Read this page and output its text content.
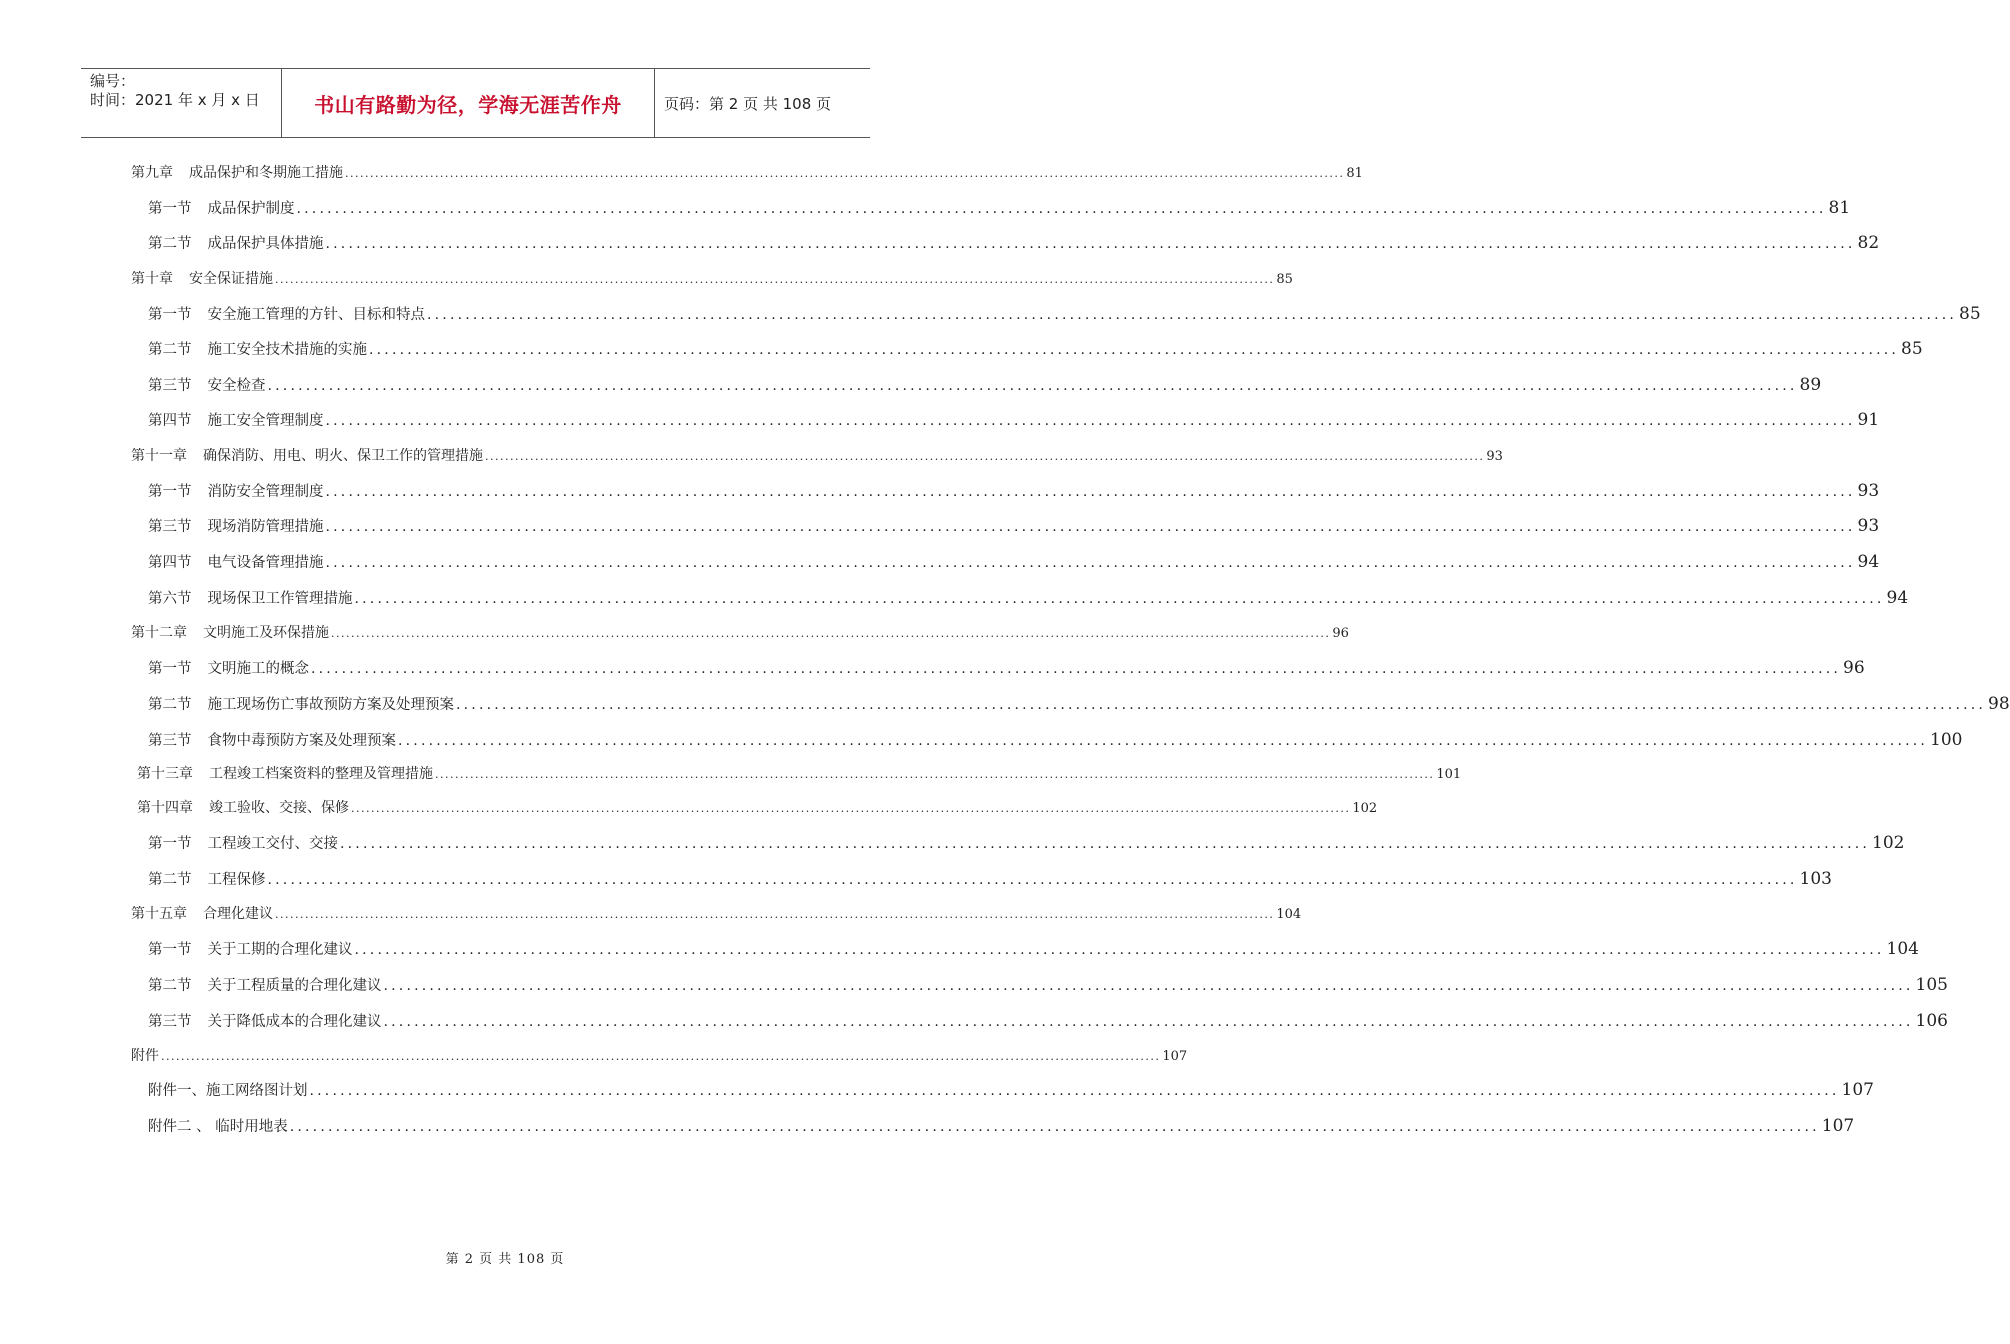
编号：
时间：2021 年 x 月 x 日	书山有路勤为径，学海无涯苦作舟	页码：第 2 页 共 108 页
第九章 成品保护和冬期施工措施 ........................................................................................................................................................................................................ 81
第一节 成品保护制度 ........................................................................................................................................................................................................ 81
第二节 成品保护具体措施 ........................................................................................................................................................................................................ 82
第十章 安全保证措施 ........................................................................................................................................................................................................ 85
第一节 安全施工管理的方针、目标和特点 ........................................................................................................................................................................................................ 85
第二节 施工安全技术措施的实施 ........................................................................................................................................................................................................ 85
第三节 安全检查 ........................................................................................................................................................................................................ 89
第四节 施工安全管理制度 ........................................................................................................................................................................................................ 91
第十一章 确保消防、用电、明火、保卫工作的管理措施 ........................................................................................................................................................................................................ 93
第一节 消防安全管理制度 ........................................................................................................................................................................................................ 93
第三节 现场消防管理措施 ........................................................................................................................................................................................................ 93
第四节 电气设备管理措施 ........................................................................................................................................................................................................ 94
第六节 现场保卫工作管理措施 ........................................................................................................................................................................................................ 94
第十二章 文明施工及环保措施 ........................................................................................................................................................................................................ 96
第一节 文明施工的概念 ........................................................................................................................................................................................................ 96
第二节 施工现场伤亡事故预防方案及处理预案 ........................................................................................................................................................................................................ 98
第三节 食物中毒预防方案及处理预案 ........................................................................................................................................................................................................ 100
第十三章 工程竣工档案资料的整理及管理措施 ........................................................................................................................................................................................................ 101
第十四章 竣工验收、交接、保修 ........................................................................................................................................................................................................ 102
第一节 工程竣工交付、交接 ........................................................................................................................................................................................................ 102
第二节 工程保修 ........................................................................................................................................................................................................ 103
第十五章 合理化建议 ........................................................................................................................................................................................................ 104
第一节 关于工期的合理化建议 ........................................................................................................................................................................................................ 104
第二节 关于工程质量的合理化建议 ........................................................................................................................................................................................................ 105
第三节 关于降低成本的合理化建议 ........................................................................................................................................................................................................ 106
附件 ........................................................................................................................................................................................................ 107
附件一、施工网络图计划 ........................................................................................................................................................................................................ 107
附件二 、 临时用地表 ........................................................................................................................................................................................................ 107
第 2 页 共 108 页
